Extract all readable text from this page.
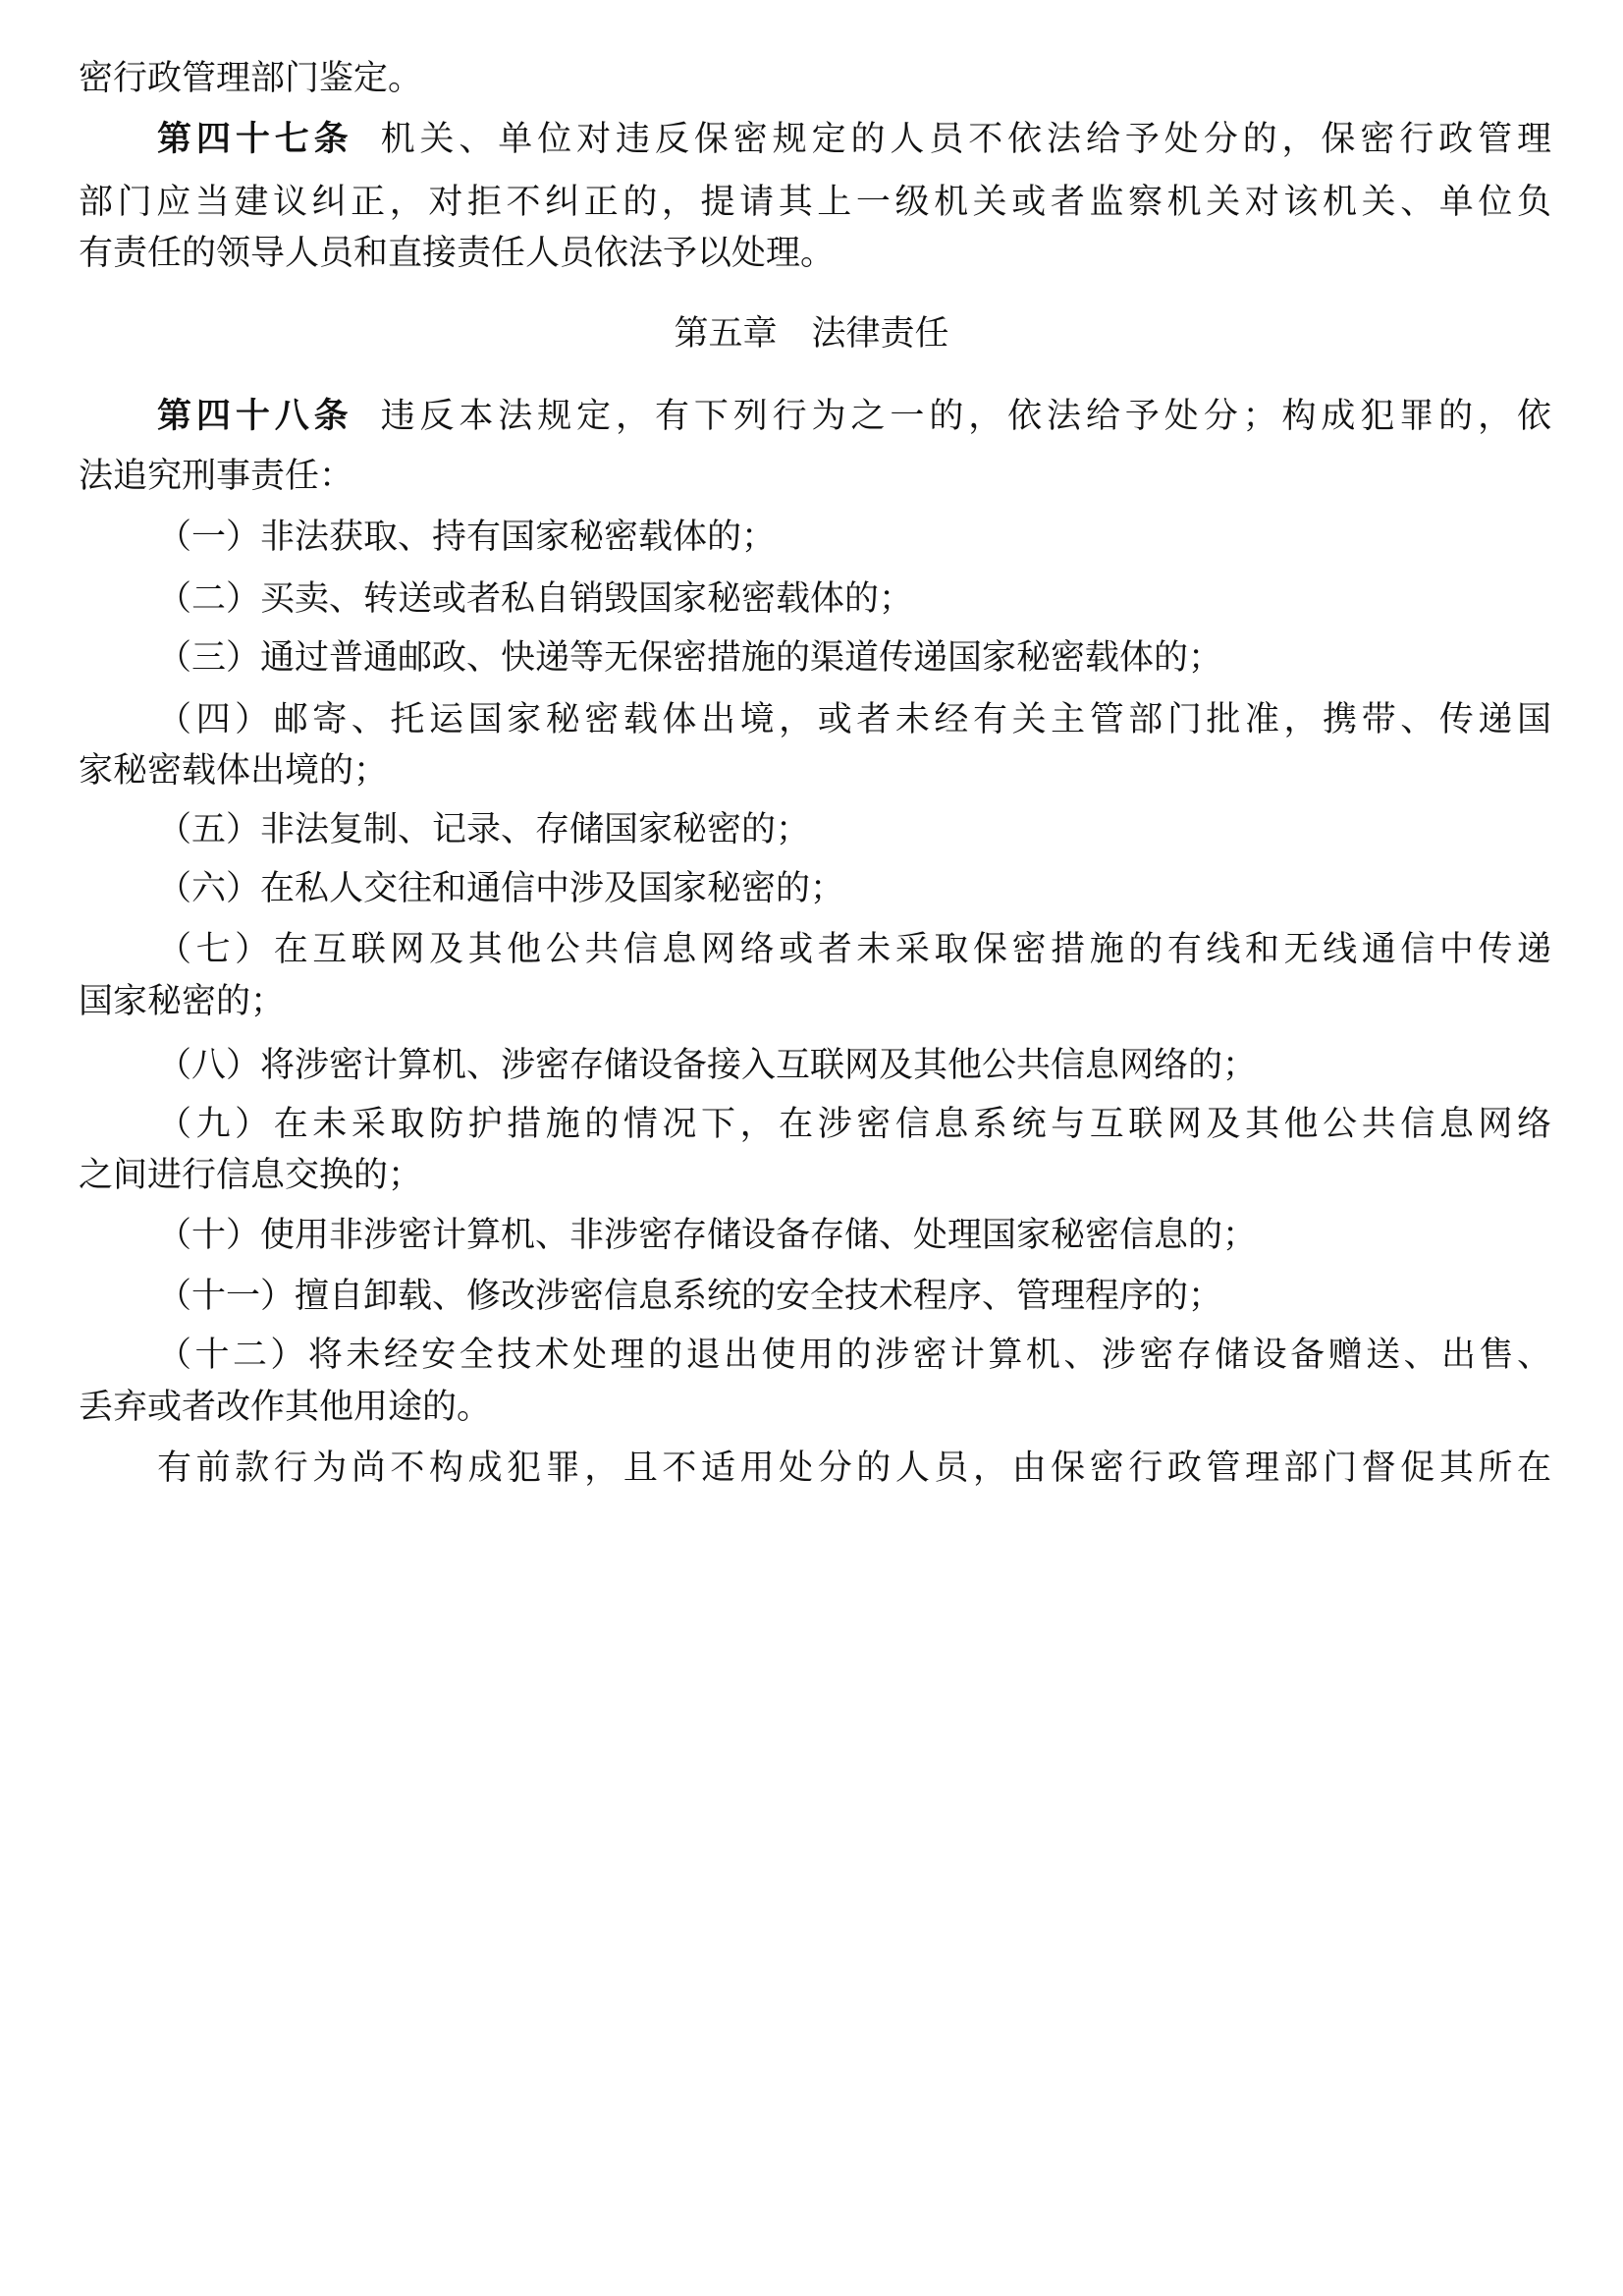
密行政管理部门鉴定。
第四十七条 机关、单位对违反保密规定的人员不依法给予处分的，保密行政管理
部门应当建议纠正，对拒不纠正的，提请其上一级机关或者监察机关对该机关、单位负
有责任的领导人员和直接责任人员依法予以处理。
第五章　法律责任
第四十八条 违反本法规定，有下列行为之一的，依法给予处分；构成犯罪的，依
法追究刑事责任：
（一）非法获取、持有国家秘密载体的；
（二）买卖、转送或者私自销毁国家秘密载体的；
（三）通过普通邮政、快递等无保密措施的渠道传递国家秘密载体的；
（四）邮寄、托运国家秘密载体出境，或者未经有关主管部门批准，携带、传递国
家秘密载体出境的；
（五）非法复制、记录、存储国家秘密的；
（六）在私人交往和通信中涉及国家秘密的；
（七）在互联网及其他公共信息网络或者未采取保密措施的有线和无线通信中传递
国家秘密的；
（八）将涉密计算机、涉密存储设备接入互联网及其他公共信息网络的；
（九）在未采取防护措施的情况下，在涉密信息系统与互联网及其他公共信息网络
之间进行信息交换的；
（十）使用非涉密计算机、非涉密存储设备存储、处理国家秘密信息的；
（十一）擅自卸载、修改涉密信息系统的安全技术程序、管理程序的；
（十二）将未经安全技术处理的退出使用的涉密计算机、涉密存储设备赠送、出售、
丢弃或者改作其他用途的。
有前款行为尚不构成犯罪，且不适用处分的人员，由保密行政管理部门督促其所在
